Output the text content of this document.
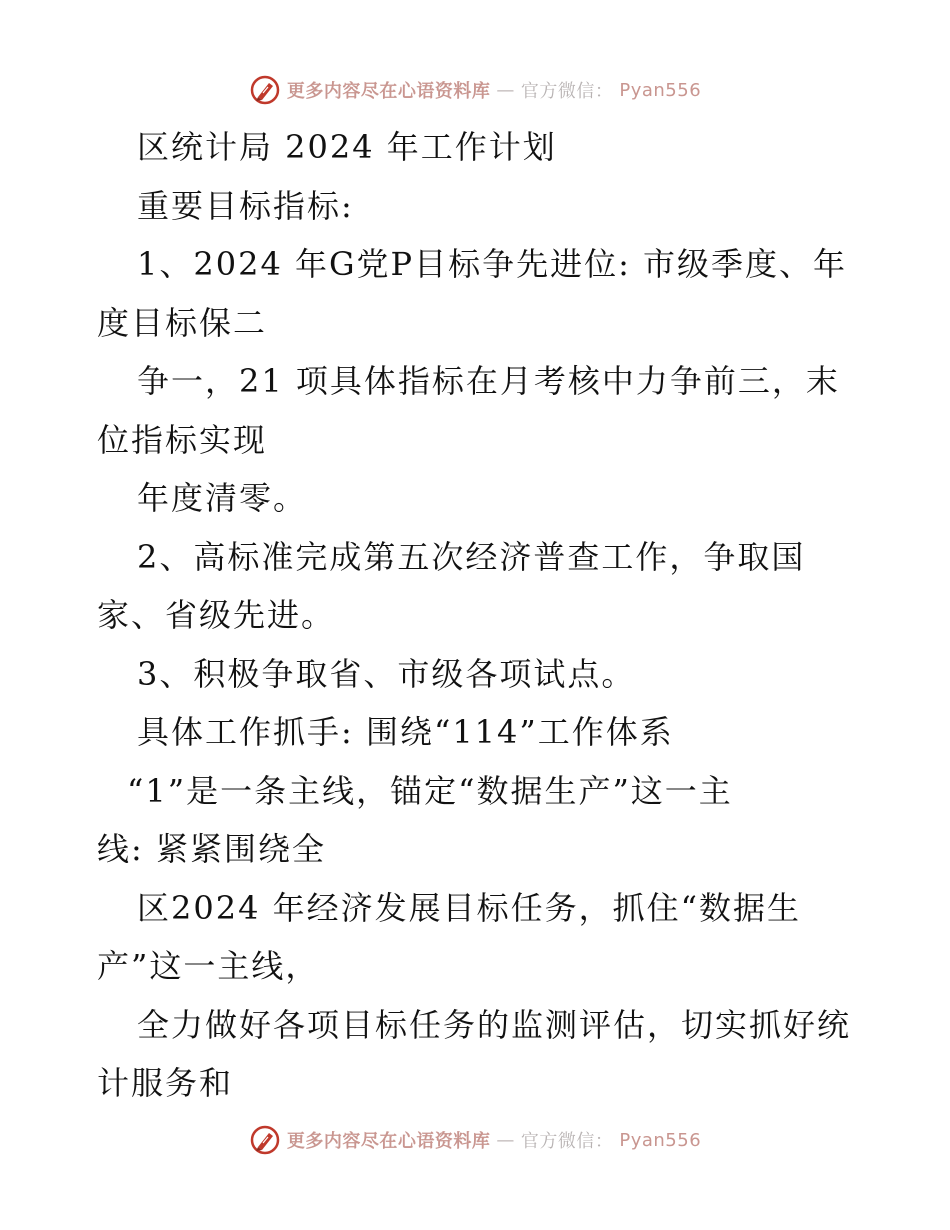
更多内容尽在心语资料库 — 官方微信： Pyan556
区统计局 2024 年工作计划
重要目标指标:
1、2024 年G党P目标争先进位: 市级季度、年
度目标保二
争一，21 项具体指标在月考核中力争前三，末
位指标实现
年度清零。
2、高标准完成第五次经济普查工作，争取国
家、省级先进。
3、积极争取省、市级各项试点。
具体工作抓手: 围绕“114”工作体系
“1”是一条主线，锚定“数据生产”这一主
线: 紧紧围绕全
区2024 年经济发展目标任务，抓住“数据生
产”这一主线，
全力做好各项目标任务的监测评估，切实抓好统
计服务和
更多内容尽在心语资料库 — 官方微信： Pyan556
